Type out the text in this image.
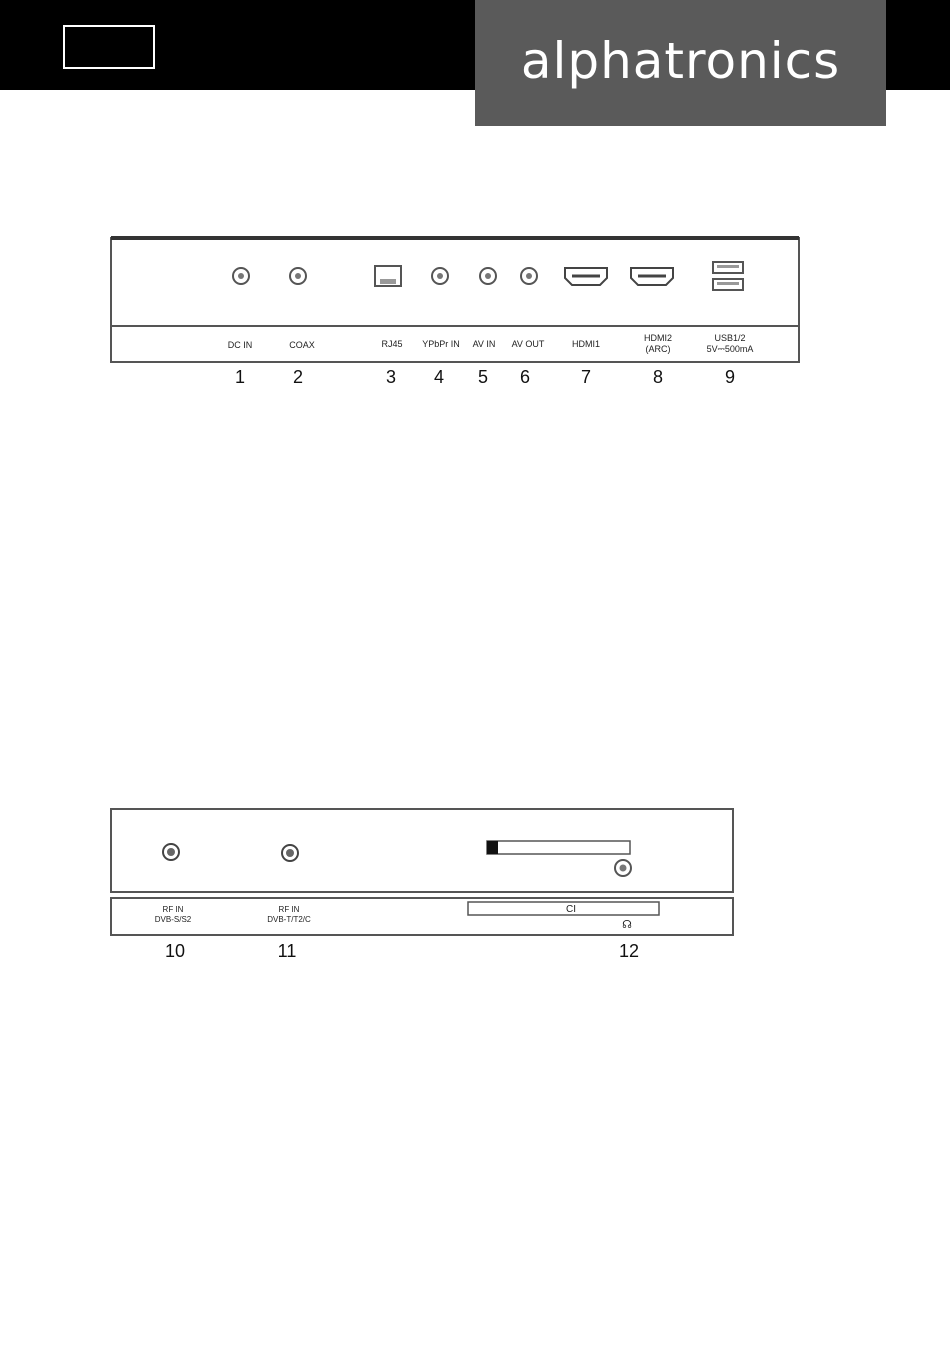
alphatronics
DC IN	COAX	RJ45 YPbPr IN AV IN AV OUT	HDMI1
HDMI2
(ARC)
USB1/2
5V⎓500mA
1	2	3 4 5 6	7	8	9
RF IN
DVB-S/S2
RF IN
DVB-T/T2/C
CI
☊
10	11	12
